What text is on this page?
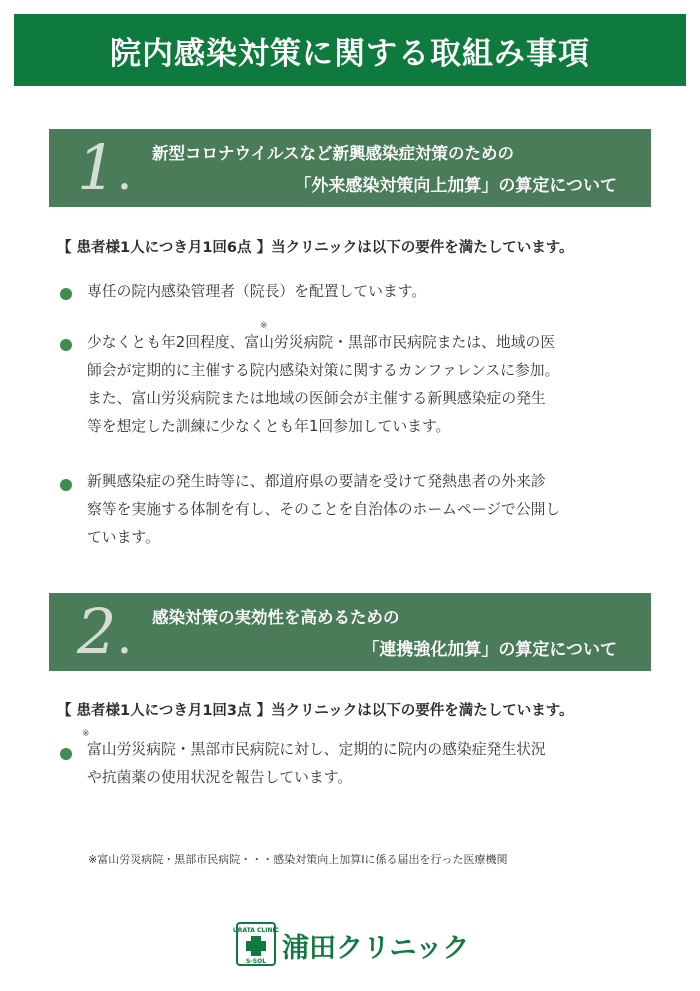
院内感染対策に関する取組み事項
1. 新型コロナウイルスなど新興感染症対策のための
「外来感染対策向上加算」の算定について
【 患者様1人につき月1回6点 】当クリニックは以下の要件を満たしています。

専任の院内感染管理者（院長）を配置しています。

※

少なくとも年2回程度、富山労災病院・黒部市民病院または、地域の医

師会が定期的に主催する院内感染対策に関するカンファレンスに参加。

また、富山労災病院または地域の医師会が主催する新興感染症の発生

等を想定した訓練に少なくとも年1回参加しています。

新興感染症の発生時等に、都道府県の要請を受けて発熱患者の外来診

察等を実施する体制を有し、そのことを自治体のホームページで公開し

ています。

2. 感染対策の実効性を高めるための
「連携強化加算」の算定について
【 患者様1人につき月1回3点 】当クリニックは以下の要件を満たしています。
※

富山労災病院・黒部市民病院に対し、定期的に院内の感染症発生状況

や抗菌薬の使用状況を報告しています。

※富山労災病院・黒部市民病院・・・感染対策向上加算Ⅰに係る届出を行った医療機関
URATA CLINIC
S-SOL 浦田クリニック
